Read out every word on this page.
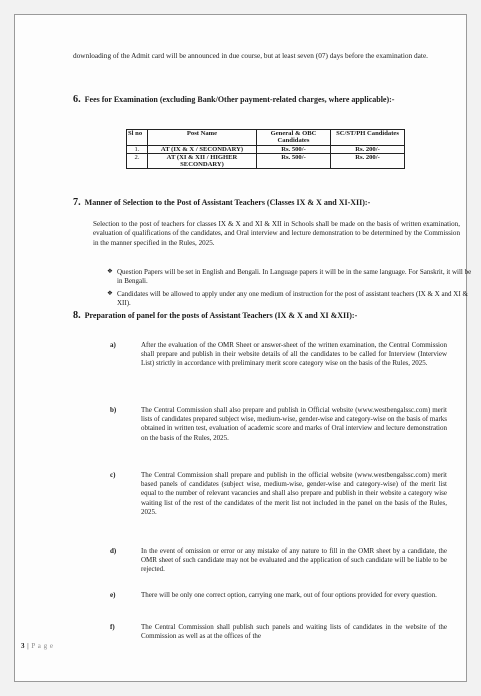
downloading of the Admit card will be announced in due course, but at least seven (07) days before the examination date.
6. Fees for Examination (excluding Bank/Other payment-related charges, where applicable):-
Sl no	Post Name	General & OBC Candidates	SC/ST/PH Candidates
1.	AT (IX & X / SECONDARY)	Rs. 500/-	Rs. 200/-
2.	AT (XI & XII / HIGHER SECONDARY)	Rs. 500/-	Rs. 200/-
7. Manner of Selection to the Post of Assistant Teachers (Classes IX & X and XI-XII):-
Selection to the post of teachers for classes IX & X and XI & XII in Schools shall be made on the basis of written examination, evaluation of qualifications of the candidates, and Oral interview and lecture demonstration to be determined by the Commission in the manner specified in the Rules, 2025.
❖ Question Papers will be set in English and Bengali. In Language papers it will be in the same language. For Sanskrit, it will be in Bengali.
❖ Candidates will be allowed to apply under any one medium of instruction for the post of assistant teachers (IX & X and XI & XII).
8. Preparation of panel for the posts of Assistant Teachers (IX & X and XI &XII):-
a)	After the evaluation of the OMR Sheet or answer-sheet of the written examination, the Central Commission shall prepare and publish in their website details of all the candidates to be called for Interview (Interview List) strictly in accordance with preliminary merit score category wise on the basis of the Rules, 2025.
b)	The Central Commission shall also prepare and publish in Official website (www.westbengalssc.com) merit lists of candidates prepared subject wise, medium-wise, gender-wise and category-wise on the basis of marks obtained in written test, evaluation of academic score and marks of Oral interview and lecture demonstration on the basis of the Rules, 2025.
c)	The Central Commission shall prepare and publish in the official website (www.westbengalssc.com) merit based panels of candidates (subject wise, medium-wise, gender-wise and category-wise) of the merit list equal to the number of relevant vacancies and shall also prepare and publish in their website a category wise waiting list of the rest of the candidates of the merit list not included in the panel on the basis of the Rules, 2025.
d)	In the event of omission or error or any mistake of any nature to fill in the OMR sheet by a candidate, the OMR sheet of such candidate may not be evaluated and the application of such candidate will be liable to be rejected.
e)	There will be only one correct option, carrying one mark, out of four options provided for every question.
f)	The Central Commission shall publish such panels and waiting lists of candidates in the website of the Commission as well as at the offices of the
3 | P a g e
